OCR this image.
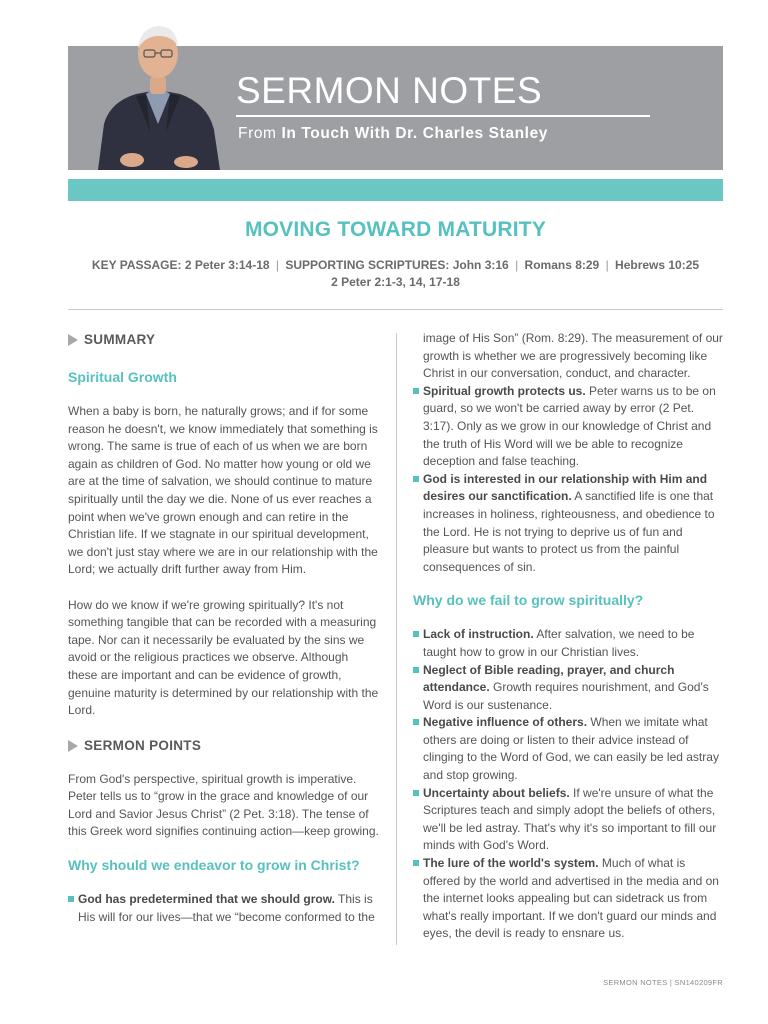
SERMON NOTES
From In Touch With Dr. Charles Stanley
MOVING TOWARD MATURITY
KEY PASSAGE: 2 Peter 3:14-18 | SUPPORTING SCRIPTURES: John 3:16 | Romans 8:29 | Hebrews 10:25
2 Peter 2:1-3, 14, 17-18
SUMMARY
Spiritual Growth

When a baby is born, he naturally grows; and if for some reason he doesn't, we know immediately that something is wrong. The same is true of each of us when we are born again as children of God. No matter how young or old we are at the time of salvation, we should continue to mature spiritually until the day we die. None of us ever reaches a point when we've grown enough and can retire in the Christian life. If we stagnate in our spiritual development, we don't just stay where we are in our relationship with the Lord; we actually drift further away from Him.

How do we know if we're growing spiritually? It's not something tangible that can be recorded with a measuring tape. Nor can it necessarily be evaluated by the sins we avoid or the religious practices we observe. Although these are important and can be evidence of growth, genuine maturity is determined by our relationship with the Lord.

SERMON POINTS

From God's perspective, spiritual growth is imperative. Peter tells us to “grow in the grace and knowledge of our Lord and Savior Jesus Christ” (2 Pet. 3:18). The tense of this Greek word signifies continuing action—keep growing.

Why should we endeavor to grow in Christ?
God has predetermined that we should grow. This is His will for our lives—that we “become conformed to the
image of His Son” (Rom. 8:29). The measurement of our growth is whether we are progressively becoming like Christ in our conversation, conduct, and character.
Spiritual growth protects us. Peter warns us to be on guard, so we won't be carried away by error (2 Pet. 3:17). Only as we grow in our knowledge of Christ and the truth of His Word will we be able to recognize deception and false teaching.
God is interested in our relationship with Him and desires our sanctification. A sanctified life is one that increases in holiness, righteousness, and obedience to the Lord. He is not trying to deprive us of fun and pleasure but wants to protect us from the painful consequences of sin.
Why do we fail to grow spiritually?
Lack of instruction. After salvation, we need to be taught how to grow in our Christian lives.
Neglect of Bible reading, prayer, and church attendance. Growth requires nourishment, and God's Word is our sustenance.
Negative influence of others. When we imitate what others are doing or listen to their advice instead of clinging to the Word of God, we can easily be led astray and stop growing.
Uncertainty about beliefs. If we're unsure of what the Scriptures teach and simply adopt the beliefs of others, we'll be led astray. That's why it's so important to fill our minds with God's Word.
The lure of the world's system. Much of what is offered by the world and advertised in the media and on the internet looks appealing but can sidetrack us from what's really important. If we don't guard our minds and eyes, the devil is ready to ensnare us.
SERMON NOTES | SN140209FR
